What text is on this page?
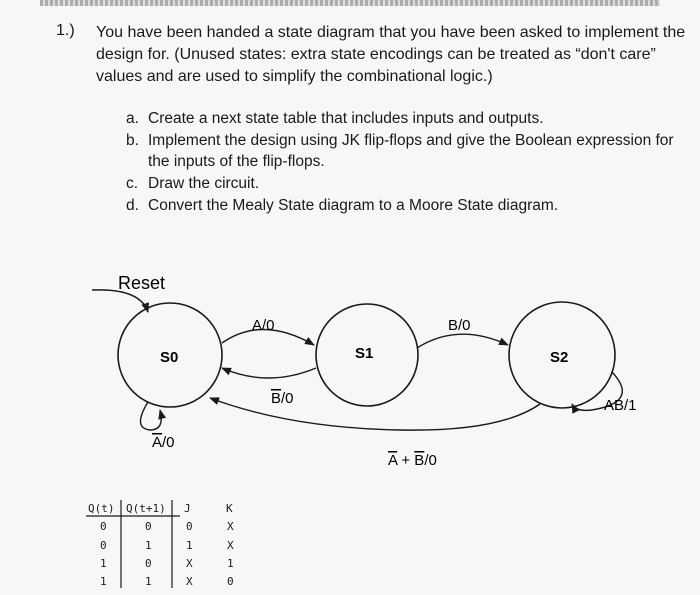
1.) You have been handed a state diagram that you have been asked to implement the design for. (Unused states: extra state encodings can be treated as “don't care” values and are used to simplify the combinational logic.)
a. Create a next state table that includes inputs and outputs.
b. Implement the design using JK flip-flops and give the Boolean expression for the inputs of the flip-flops.
c. Draw the circuit.
d. Convert the Mealy State diagram to a Moore State diagram.
Reset
S0	S1	S2
A/0
B/0
B/0
AB/1
A + B/0
A/0
Q(t) Q(t+1) J	K
0	0	0	X
0	1	1	X
1	0	X	1
1	1	X	0
